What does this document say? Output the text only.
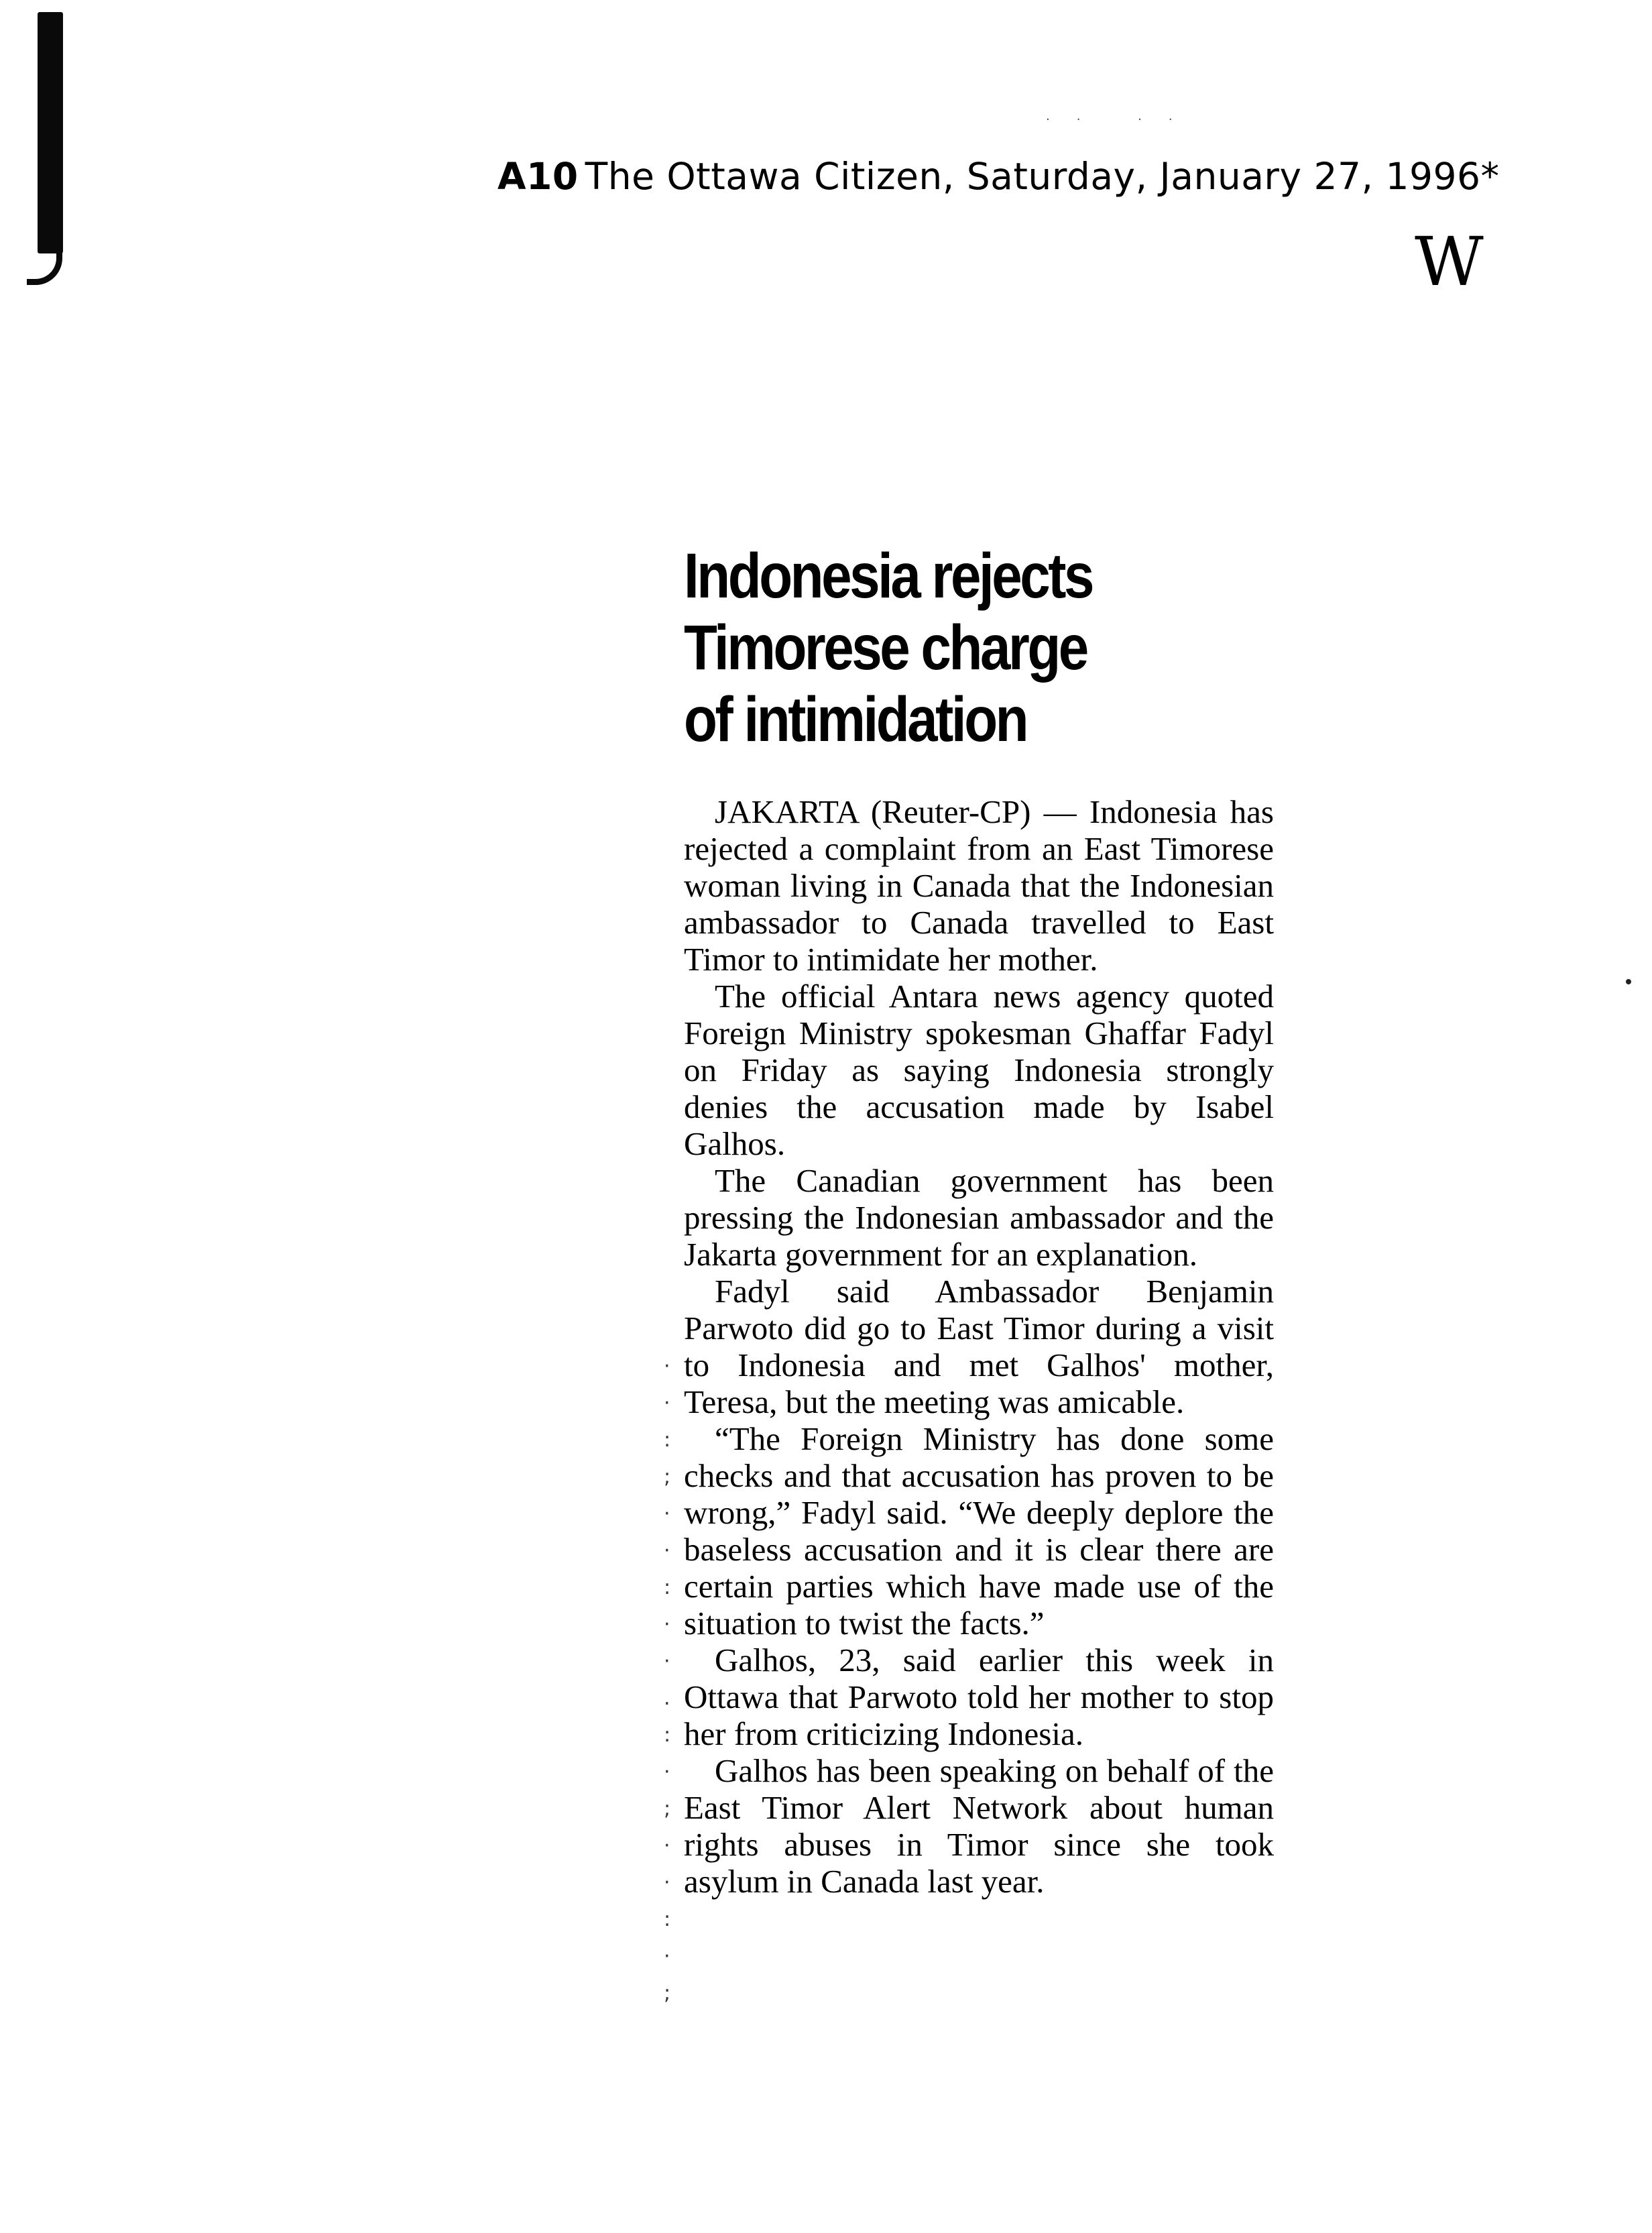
·· ··
A10 The Ottawa Citizen, Saturday, January 27, 1996*
W
Indonesia rejects
Timorese charge
of intimidation

JAKARTA (Reuter-CP) — Indonesia has rejected a complaint from an East Timorese woman living in Canada that the Indonesian ambassador to Canada travelled to East Timor to intimidate her mother.

The official Antara news agency quoted Foreign Ministry spokesman Ghaffar Fadyl on Friday as saying Indonesia strongly denies the accusation made by Isabel Galhos.

The Canadian government has been pressing the Indonesian ambassador and the Jakarta government for an explanation.

Fadyl said Ambassador Benjamin Parwoto did go to East Timor during a visit to Indonesia and met Galhos' mother, Teresa, but the meeting was amicable.

“The Foreign Ministry has done some checks and that accusation has proven to be wrong,” Fadyl said. “We deeply deplore the baseless accusation and it is clear there are certain parties which have made use of the situation to twist the facts.”

Galhos, 23, said earlier this week in Ottawa that Parwoto told her mother to stop her from criticizing Indonesia.

Galhos has been speaking on behalf of the East Timor Alert Network about human rights abuses in Timor since she took asylum in Canada last year.

·
·
:
;
·
·
:
·
·
.
:
·
;
·
·
:
·
;
